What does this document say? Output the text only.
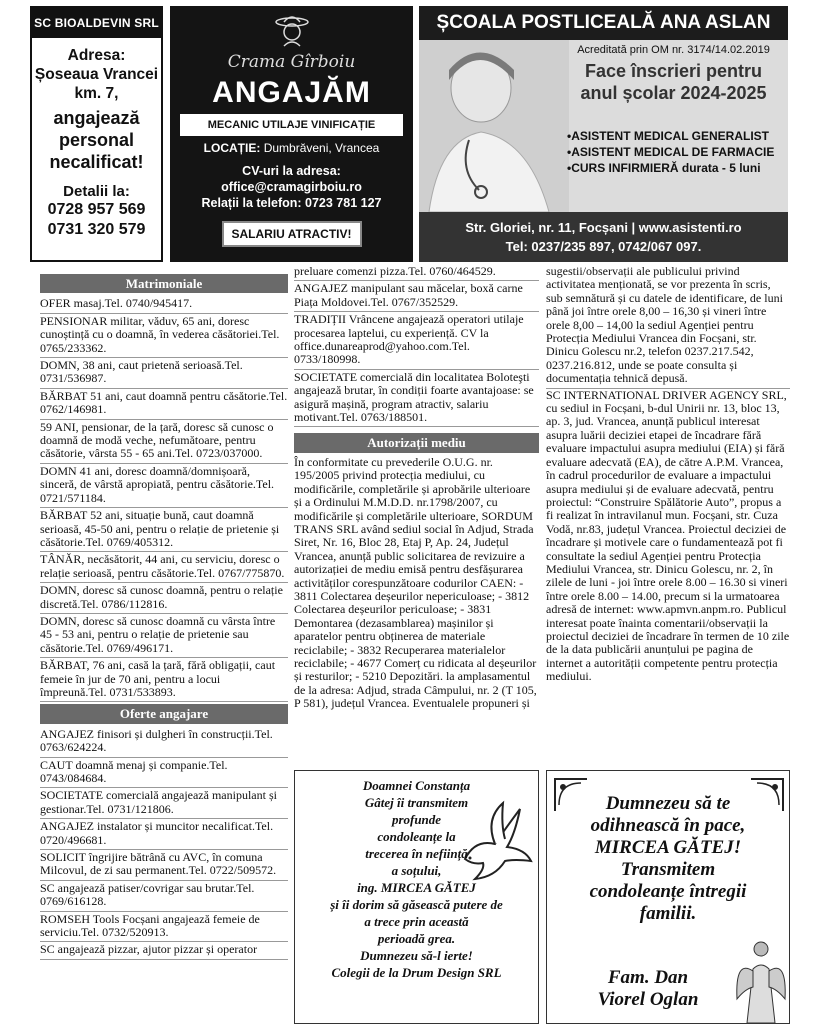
SC BIOALDEVIN SRL
Adresa:
Șoseaua Vrancei
km. 7,
angajează
personal
necalificat!
Detalii la:
0728 957 569
0731 320 579
Crama Gîrboiu
ANGAJĂM
MECANIC UTILAJE VINIFICAȚIE
LOCAȚIE: Dumbrăveni, Vrancea
CV-uri la adresa:
office@cramagirboiu.ro
Relații la telefon: 0723 781 127
SALARIU ATRACTIV!
ȘCOALA POSTLICEALĂ ANA ASLAN
Acreditată prin OM nr. 3174/14.02.2019
Face înscrieri pentru
anul școlar 2024-2025
•ASISTENT MEDICAL GENERALIST
•ASISTENT MEDICAL DE FARMACIE
•CURS INFIRMIERĂ durata - 5 luni
Str. Gloriei, nr. 11, Focșani | www.asistenti.ro
Tel: 0237/235 897, 0742/067 097.
Matrimoniale
OFER masaj.Tel. 0740/945417.
PENSIONAR militar, văduv, 65 ani, doresc cunoștință cu o doamnă, în vederea căsătoriei.Tel. 0765/233362.
DOMN, 38 ani, caut prietenă serioasă.Tel. 0731/536987.
BĂRBAT 51 ani, caut doamnă pentru căsătorie.Tel. 0762/146981.
59 ANI, pensionar, de la țară, doresc să cunosc o doamnă de modă veche, nefumătoare, pentru căsătorie, vârsta 55 - 65 ani.Tel. 0723/037000.
DOMN 41 ani, doresc doamnă/domnișoară, sinceră, de vârstă apropiată, pentru căsătorie.Tel. 0721/571184.
BĂRBAT 52 ani, situație bună, caut doamnă serioasă, 45-50 ani, pentru o relație de prietenie și căsătorie.Tel. 0769/405312.
TÂNĂR, necăsătorit, 44 ani, cu serviciu, doresc o relație serioasă, pentru căsătorie.Tel. 0767/775870.
DOMN, doresc să cunosc doamnă, pentru o relație discretă.Tel. 0786/112816.
DOMN, doresc să cunosc doamnă cu vârsta între 45 - 53 ani, pentru o relație de prietenie sau căsătorie.Tel. 0769/496171.
BĂRBAT, 76 ani, casă la țară, fără obligații, caut femeie în jur de 70 ani, pentru a locui împreună.Tel. 0731/533893.
Oferte angajare
ANGAJEZ finisori și dulgheri în construcții.Tel. 0763/624224.
CAUT doamnă menaj și companie.Tel. 0743/084684.
SOCIETATE comercială angajează manipulant și gestionar.Tel. 0731/121806.
ANGAJEZ instalator și muncitor necalificat.Tel. 0720/496681.
SOLICIT îngrijire bătrână cu AVC, în comuna Milcovul, de zi sau permanent.Tel. 0722/509572.
SC angajează patiser/covrigar sau brutar.Tel. 0769/616128.
ROMSEH Tools Focșani angajează femeie de serviciu.Tel. 0732/520913.
SC angajează pizzar, ajutor pizzar și operator
preluare comenzi pizza.Tel. 0760/464529.
ANGAJEZ manipulant sau măcelar, boxă carne Piața Moldovei.Tel. 0767/352529.
TRADIȚII Vrâncene angajează operatori utilaje procesarea laptelui, cu experiență. CV la office.dunareaprod@yahoo.com.Tel. 0733/180998.
SOCIETATE comercială din localitatea Boloteşti angajează brutar, în condiții foarte avantajoase: se asigură mașină, program atractiv, salariu motivant.Tel. 0763/188501.
Autorizații mediu
În conformitate cu prevederile O.U.G. nr. 195/2005 privind protecția mediului, cu modificările, completările și aprobările ulterioare și a Ordinului M.M.D.D. nr.1798/2007, cu modificările și completările ulterioare, SORDUM TRANS SRL având sediul social în Adjud, Strada Siret, Nr. 16, Bloc 28, Etaj P, Ap. 24, Județul Vrancea, anunță public solicitarea de revizuire a autorizației de mediu emisă pentru desfășurarea activităților corespunzătoare codurilor CAEN: - 3811 Colectarea deșeurilor nepericuloase; - 3812 Colectarea deșeurilor periculoase; - 3831 Demontarea (dezasamblarea) mașinilor și aparatelor pentru obținerea de materiale reciclabile; - 3832 Recuperarea materialelor reciclabile; - 4677 Comerț cu ridicata al deșeurilor și resturilor; - 5210 Depozitări. la amplasamentul de la adresa: Adjud, strada Câmpului, nr. 2 (T 105, P 581), județul Vrancea. Eventualele propuneri și
sugestii/observații ale publicului privind activitatea menționată, se vor prezenta în scris, sub semnătură și cu datele de identificare, de luni până joi între orele 8,00 – 16,30 și vineri între orele 8,00 – 14,00 la sediul Agenției pentru Protecția Mediului Vrancea din Focșani, str. Dinicu Golescu nr.2, telefon 0237.217.542, 0237.216.812, unde se poate consulta și documentația tehnică depusă.
SC INTERNATIONAL DRIVER AGENCY SRL, cu sediul in Focșani, b-dul Unirii nr. 13, bloc 13, ap. 3, jud. Vrancea, anunță publicul interesat asupra luării deciziei etapei de încadrare fără evaluare impactului asupra mediului (EIA) și fără evaluare adecvată (EA), de către A.P.M. Vrancea, în cadrul procedurilor de evaluare a impactului asupra mediului și de evaluare adecvată, pentru proiectul: “Construire Spălătorie Auto”, propus a fi realizat în intravilanul mun. Focșani, str. Cuza Vodă, nr.83, județul Vrancea. Proiectul deciziei de încadrare și motivele care o fundamentează pot fi consultate la sediul Agenției pentru Protecția Mediului Vrancea, str. Dinicu Golescu, nr. 2, în zilele de luni - joi între orele 8.00 – 16.30 si vineri între orele 8.00 – 14.00, precum si la urmatoarea adresă de internet: www.apmvn.anpm.ro. Publicul interesat poate înainta comentarii/observații la proiectul deciziei de încadrare în termen de 10 zile de la data publicării anunțului pe pagina de internet a autorității competente pentru protecția mediului.
Doamnei Constanța
Gâtej îi transmitem
profunde
condoleanțe la
trecerea în neființă
a soțului,
ing. MIRCEA GĂTEJ
și îi dorim să găsească putere de
a trece prin această
perioadă grea.
Dumnezeu să-l ierte!
Colegii de la Drum Design SRL
Dumnezeu să te
odihnească în pace,
MIRCEA GĂTEJ!
Transmitem
condoleanțe întregii
familii.
Fam. Dan
Viorel Oglan
